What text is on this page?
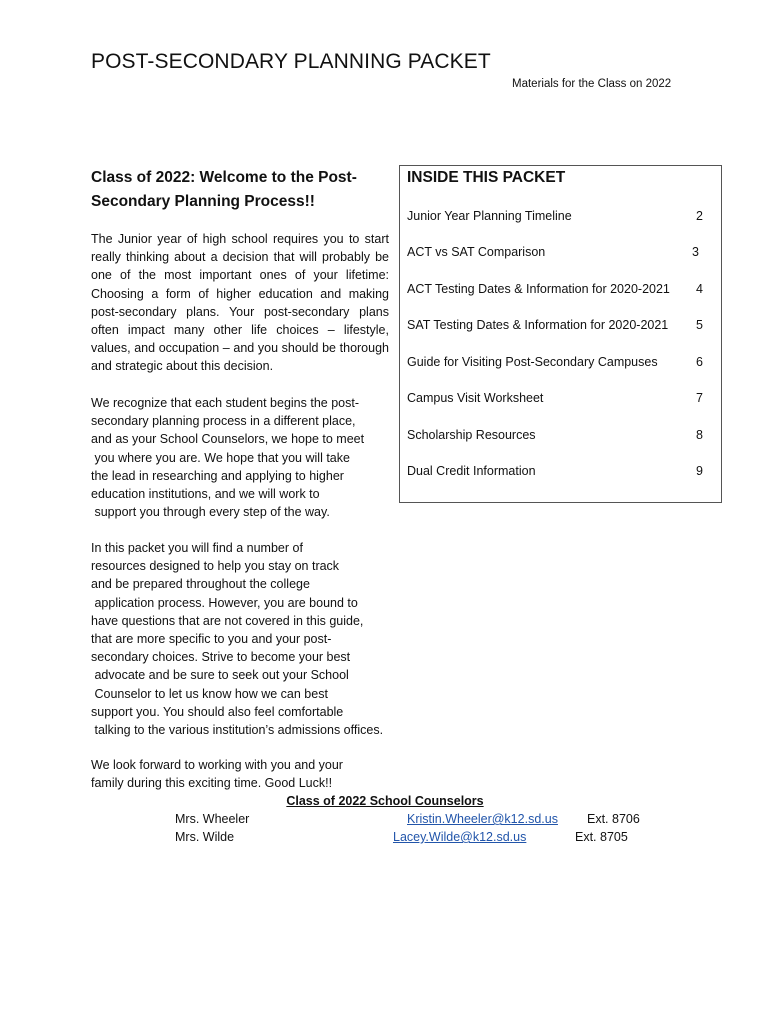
POST-SECONDARY PLANNING PACKET
Materials for the Class on 2022
Class of 2022: Welcome to the Post-Secondary Planning Process!!

The Junior year of high school requires you to start really thinking about a decision that will probably be one of the most important ones of your lifetime: Choosing a form of higher education and making post-secondary plans. Your post-secondary plans often impact many other life choices – lifestyle, values, and occupation – and you should be thorough and strategic about this decision.

We recognize that each student begins the post-
secondary planning process in a different place,
and as your School Counselors, we hope to meet
you where you are. We hope that you will take
the lead in researching and applying to higher
education institutions, and we will work to
support you through every step of the way.

In this packet you will find a number of
resources designed to help you stay on track
and be prepared throughout the college
application process. However, you are bound to
have questions that are not covered in this guide,
that are more specific to you and your post-
secondary choices. Strive to become your best
advocate and be sure to seek out your School
Counselor to let us know how we can best
support you. You should also feel comfortable
talking to the various institution’s admissions offices.

We look forward to working with you and your
family during this exciting time. Good Luck!!

INSIDE THIS PACKET
Junior Year Planning Timeline	2
ACT vs SAT Comparison	3
ACT Testing Dates & Information for 2020-2021 4
SAT Testing Dates & Information for 2020-2021 5
Guide for Visiting Post-Secondary Campuses	6
Campus Visit Worksheet	7
Scholarship Resources	8
Dual Credit Information	9
Class of 2022 School Counselors
Mrs. Wheeler	Kristin.Wheeler@k12.sd.us Ext. 8706
Mrs. Wilde	Lacey.Wilde@k12.sd.us	Ext. 8705
